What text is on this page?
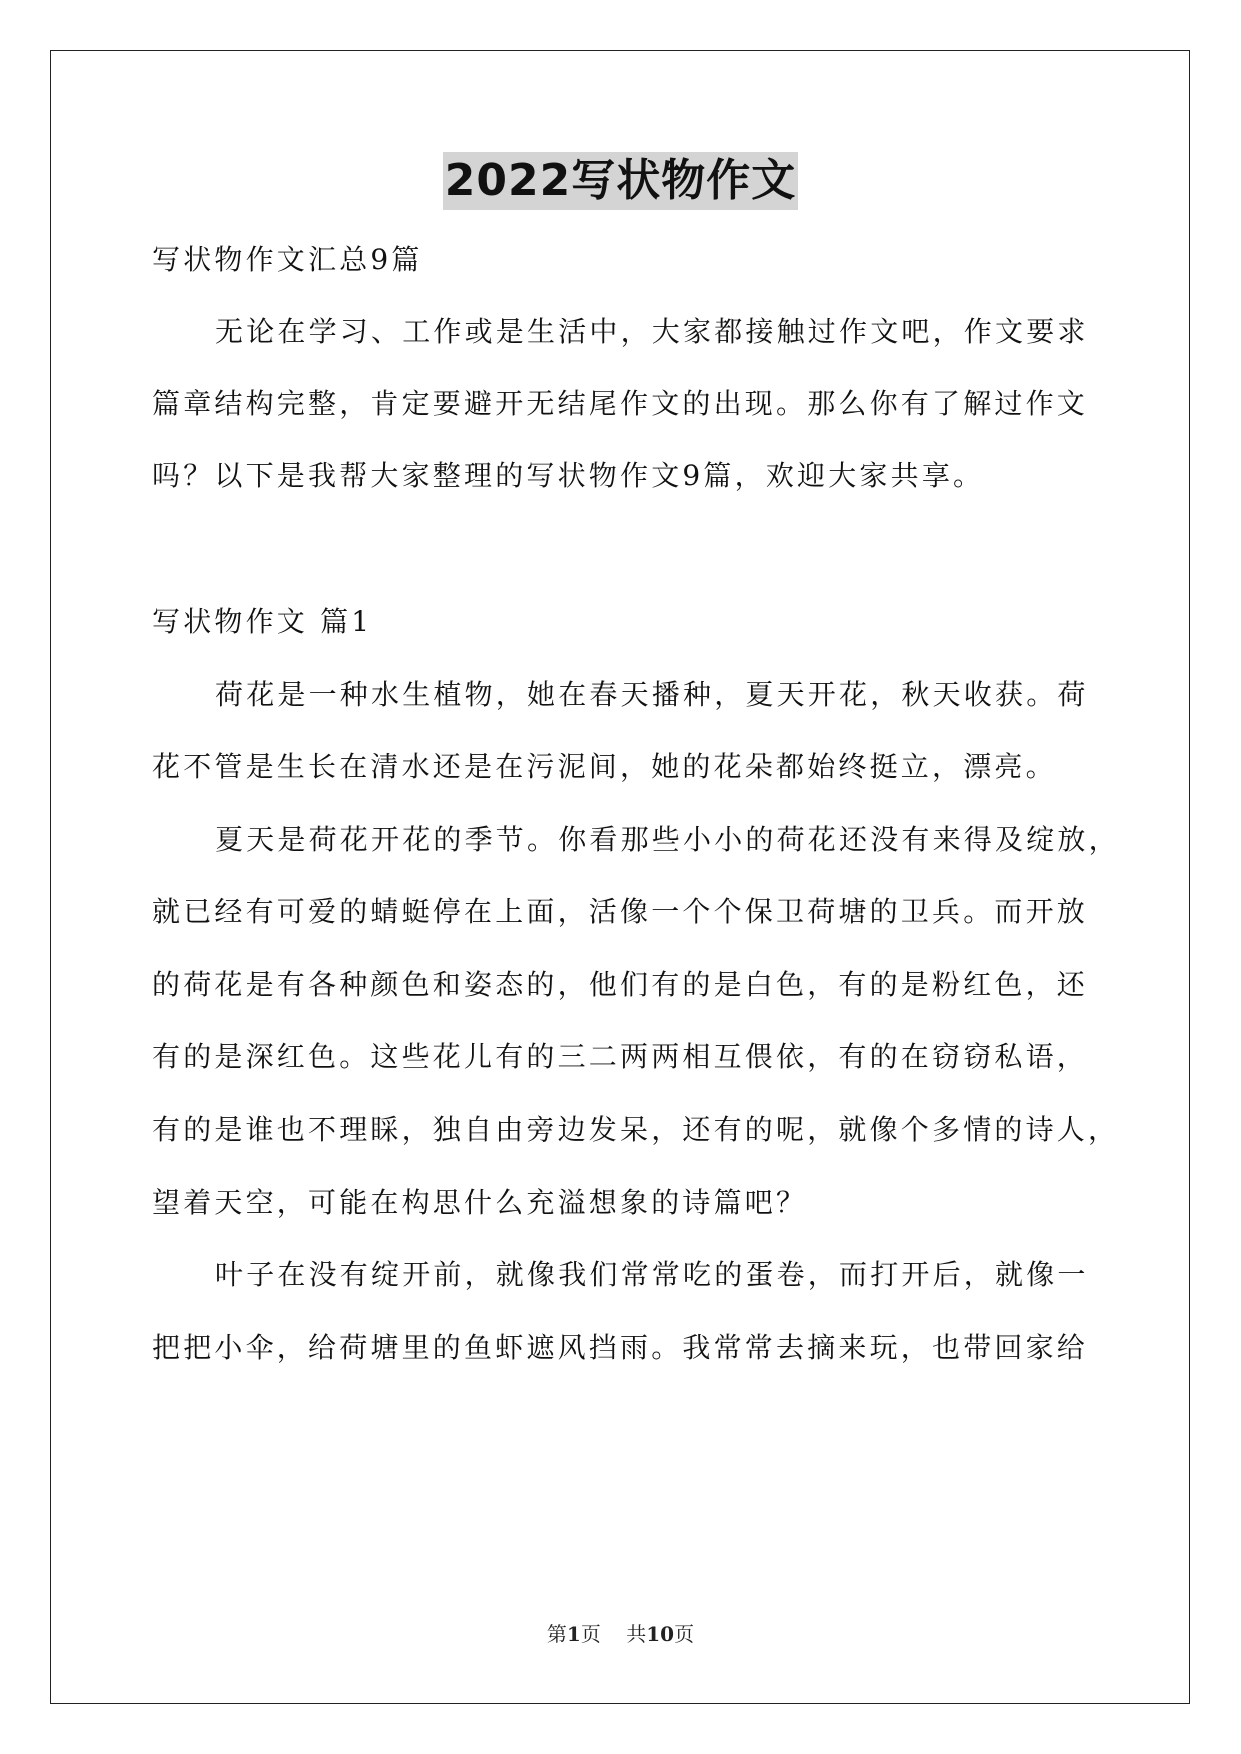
2022写状物作文
写状物作文汇总9篇
无论在学习、工作或是生活中，大家都接触过作文吧，作文要求
篇章结构完整，肯定要避开无结尾作文的出现。那么你有了解过作文
吗？以下是我帮大家整理的写状物作文9篇，欢迎大家共享。
写状物作文 篇1
荷花是一种水生植物，她在春天播种，夏天开花，秋天收获。荷
花不管是生长在清水还是在污泥间，她的花朵都始终挺立，漂亮。
夏天是荷花开花的季节。你看那些小小的荷花还没有来得及绽放，
就已经有可爱的蜻蜓停在上面，活像一个个保卫荷塘的卫兵。而开放
的荷花是有各种颜色和姿态的，他们有的是白色，有的是粉红色，还
有的是深红色。这些花儿有的三二两两相互偎依，有的在窃窃私语，
有的是谁也不理睬，独自由旁边发呆，还有的呢，就像个多情的诗人，
望着天空，可能在构思什么充溢想象的诗篇吧？
叶子在没有绽开前，就像我们常常吃的蛋卷，而打开后，就像一
把把小伞，给荷塘里的鱼虾遮风挡雨。我常常去摘来玩，也带回家给
第1页    共10页
